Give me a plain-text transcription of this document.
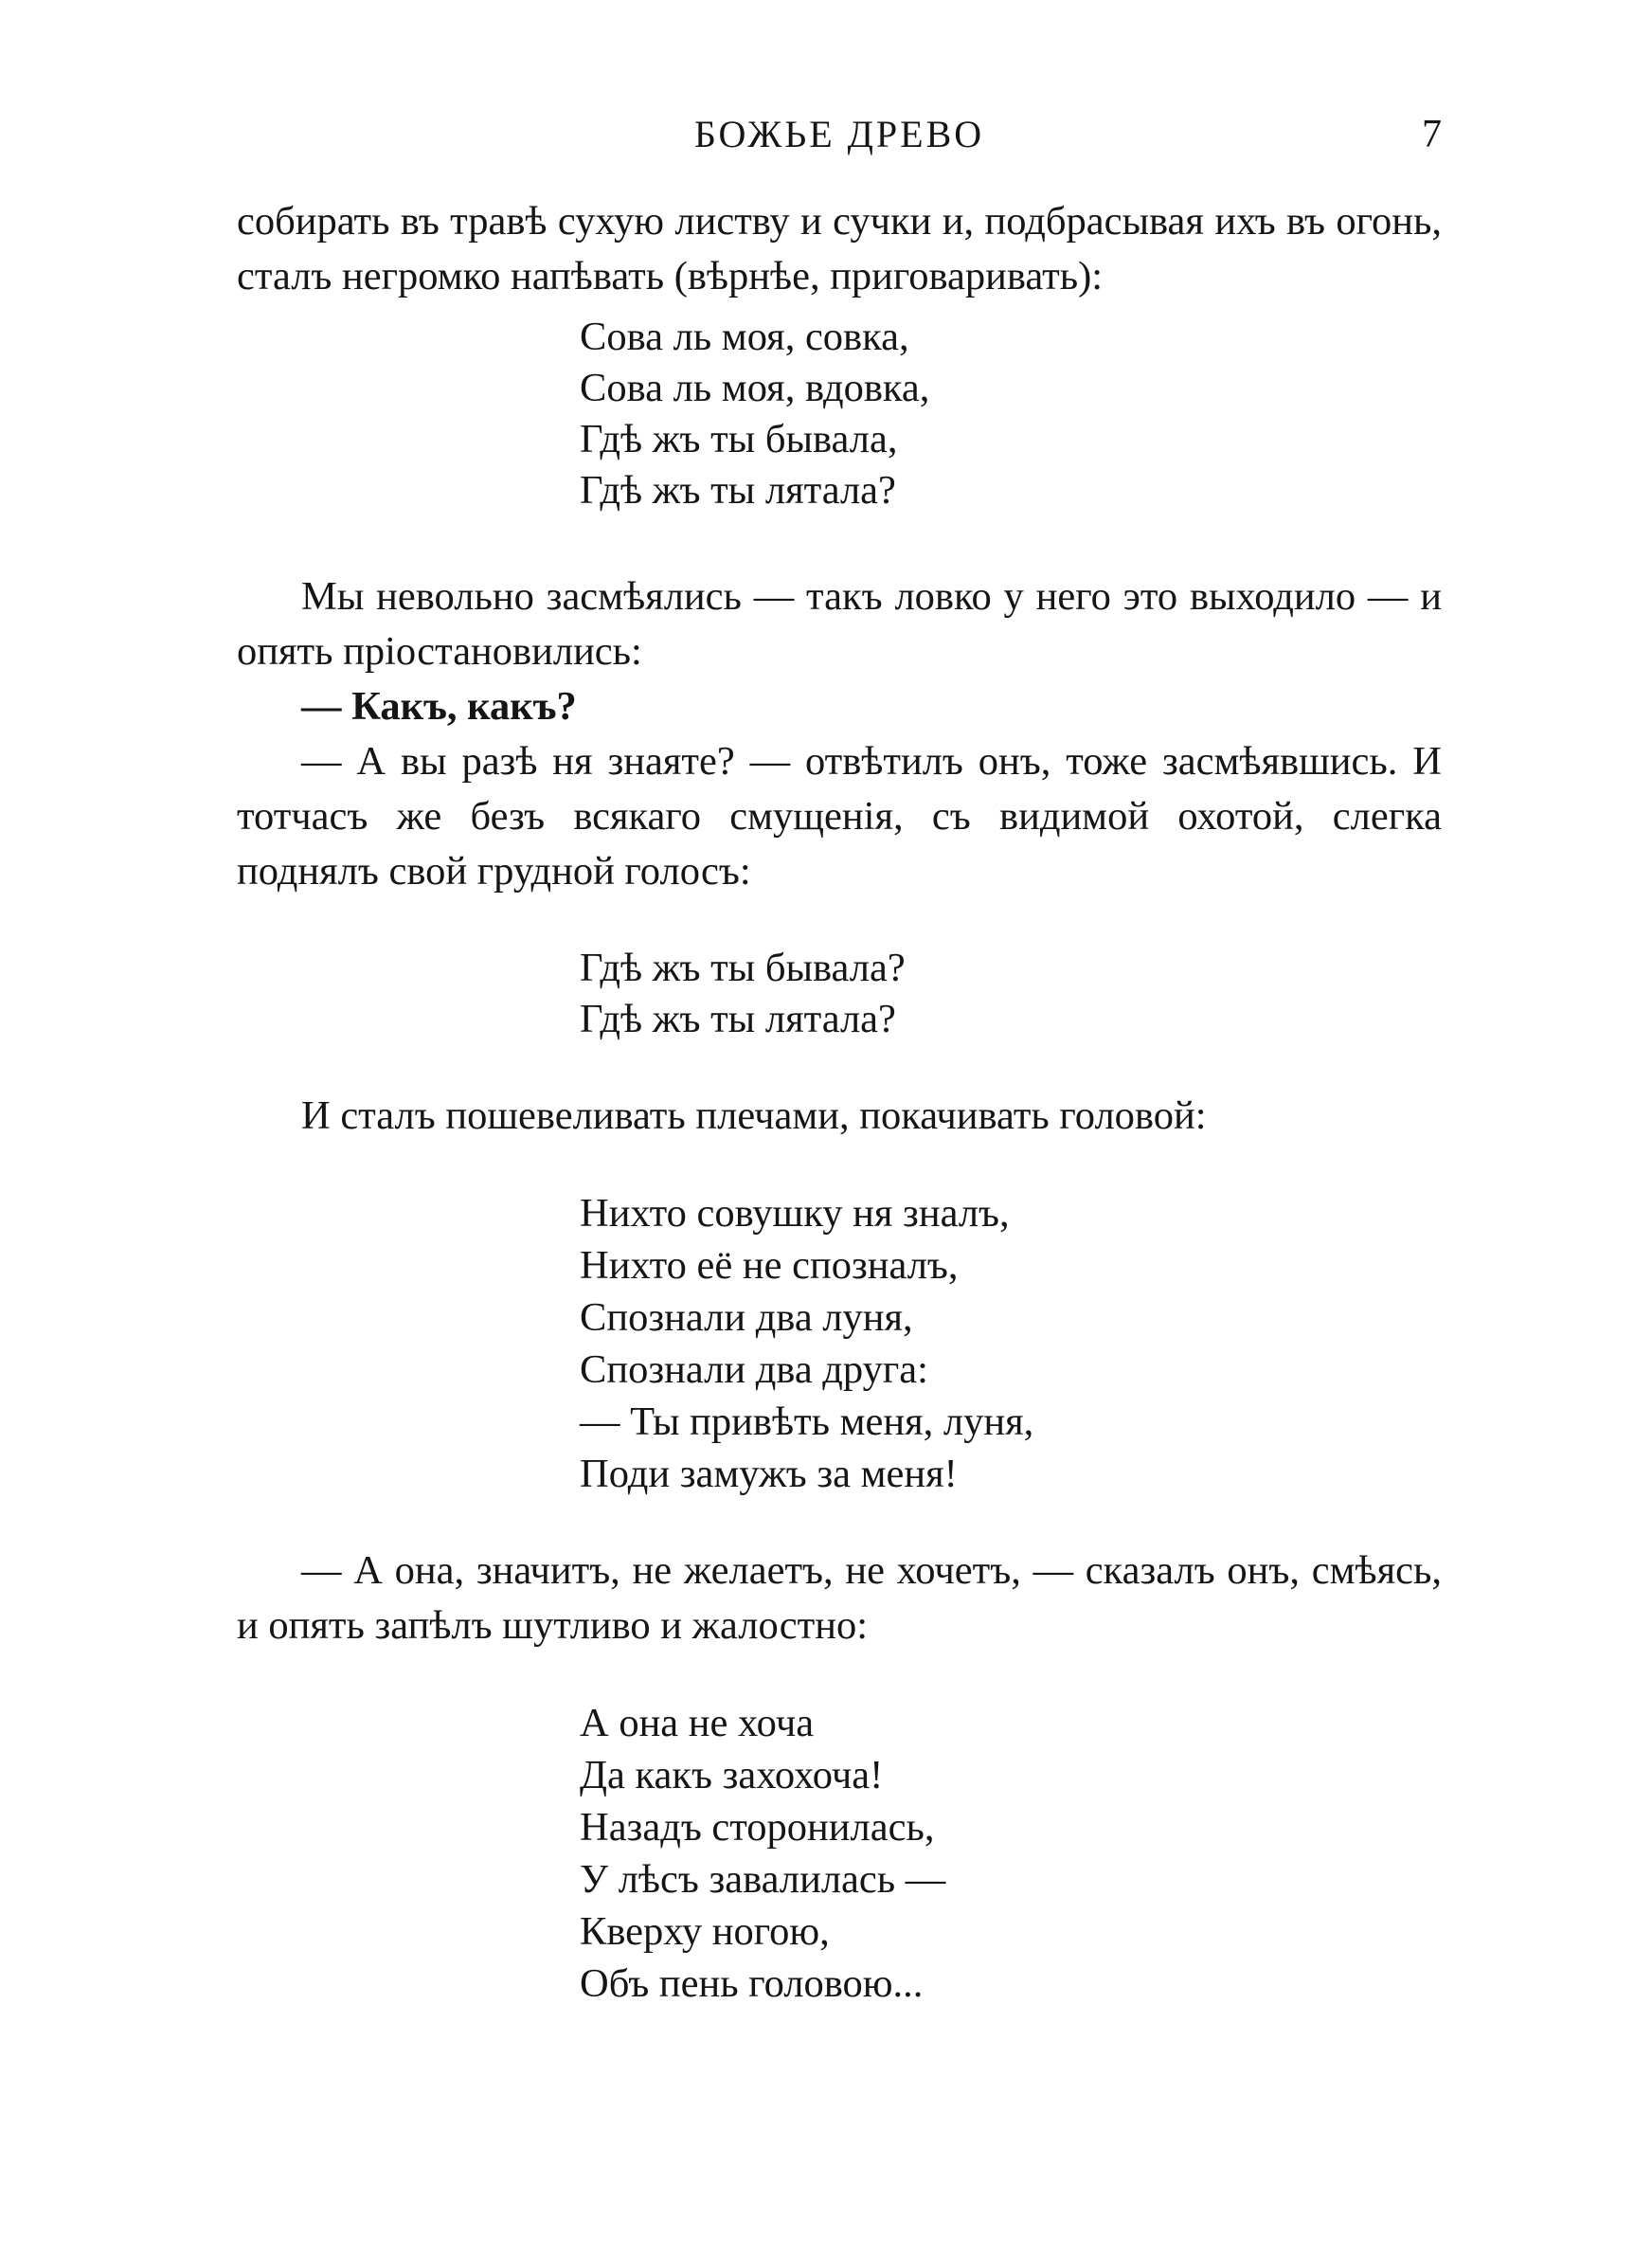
БОЖЬЕ ДРЕВО	7

собирать въ травѣ сухую листву и сучки и, подбрасывая ихъ въ огонь, сталъ негромко напѣвать (вѣрнѣе, приговаривать):

Сова ль моя, совка,
Сова ль моя, вдовка,
Гдѣ жъ ты бывала,
Гдѣ жъ ты лятала?

Мы невольно засмѣялись — такъ ловко у него это выходило — и опять пріостановились:

— Какъ, какъ?

— А вы разѣ ня знаяте? — отвѣтилъ онъ, тоже засмѣявшись. И тотчасъ же безъ всякаго смущенія, съ видимой охотой, слегка поднялъ свой грудной голосъ:

Гдѣ жъ ты бывала?
Гдѣ жъ ты лятала?

И сталъ пошевеливать плечами, покачивать головой:

Нихто совушку ня зналъ,
Нихто её не спозналъ,
Спознали два луня,
Спознали два друга:
— Ты привѣть меня, луня,
Поди замужъ за меня!

— А она, значитъ, не желаетъ, не хочетъ, — сказалъ онъ, смѣясь, и опять запѣлъ шутливо и жалостно:

А она не хоча
Да какъ захохоча!
Назадъ сторонилась,
У лѣсъ завалилась —
Кверху ногою,
Объ пень головою...
